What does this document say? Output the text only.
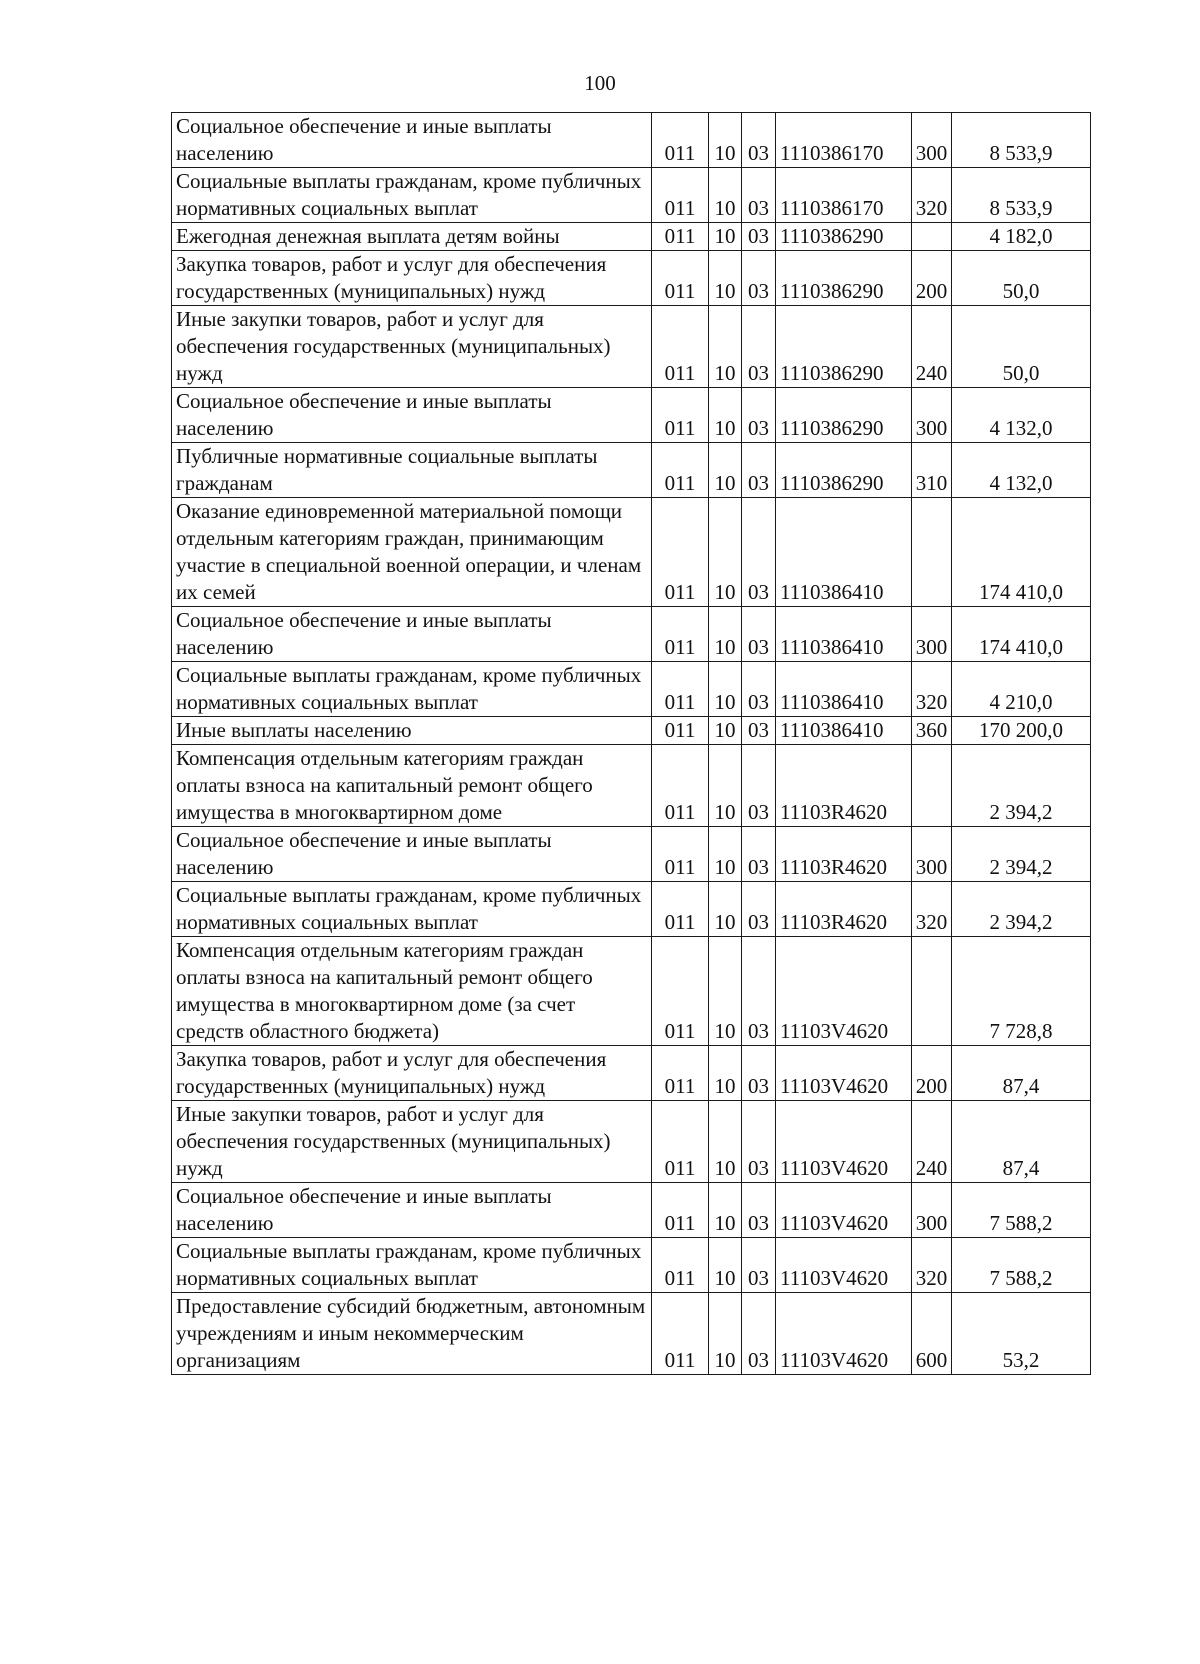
100
Социальное обеспечение и иные выплаты населению	011	10	03	1110386170	300	8 533,9
Социальные выплаты гражданам, кроме публичных нормативных социальных выплат	011	10	03	1110386170	320	8 533,9
Ежегодная денежная выплата детям войны	011	10	03	1110386290		4 182,0
Закупка товаров, работ и услуг для обеспечения государственных (муниципальных) нужд	011	10	03	1110386290	200	50,0
Иные закупки товаров, работ и услуг для обеспечения государственных (муниципальных) нужд	011	10	03	1110386290	240	50,0
Социальное обеспечение и иные выплаты населению	011	10	03	1110386290	300	4 132,0
Публичные нормативные социальные выплаты гражданам	011	10	03	1110386290	310	4 132,0
Оказание единовременной материальной помощи отдельным категориям граждан, принимающим участие в специальной военной операции, и членам их семей	011	10	03	1110386410		174 410,0
Социальное обеспечение и иные выплаты населению	011	10	03	1110386410	300	174 410,0
Социальные выплаты гражданам, кроме публичных нормативных социальных выплат	011	10	03	1110386410	320	4 210,0
Иные выплаты населению	011	10	03	1110386410	360	170 200,0
Компенсация отдельным категориям граждан оплаты взноса на капитальный ремонт общего имущества в многоквартирном доме	011	10	03	11103R4620		2 394,2
Социальное обеспечение и иные выплаты населению	011	10	03	11103R4620	300	2 394,2
Социальные выплаты гражданам, кроме публичных нормативных социальных выплат	011	10	03	11103R4620	320	2 394,2
Компенсация отдельным категориям граждан оплаты взноса на капитальный ремонт общего имущества в многоквартирном доме (за счет средств областного бюджета)	011	10	03	11103V4620		7 728,8
Закупка товаров, работ и услуг для обеспечения государственных (муниципальных) нужд	011	10	03	11103V4620	200	87,4
Иные закупки товаров, работ и услуг для обеспечения государственных (муниципальных) нужд	011	10	03	11103V4620	240	87,4
Социальное обеспечение и иные выплаты населению	011	10	03	11103V4620	300	7 588,2
Социальные выплаты гражданам, кроме публичных нормативных социальных выплат	011	10	03	11103V4620	320	7 588,2
Предоставление субсидий бюджетным, автономным учреждениям и иным некоммерческим организациям	011	10	03	11103V4620	600	53,2
